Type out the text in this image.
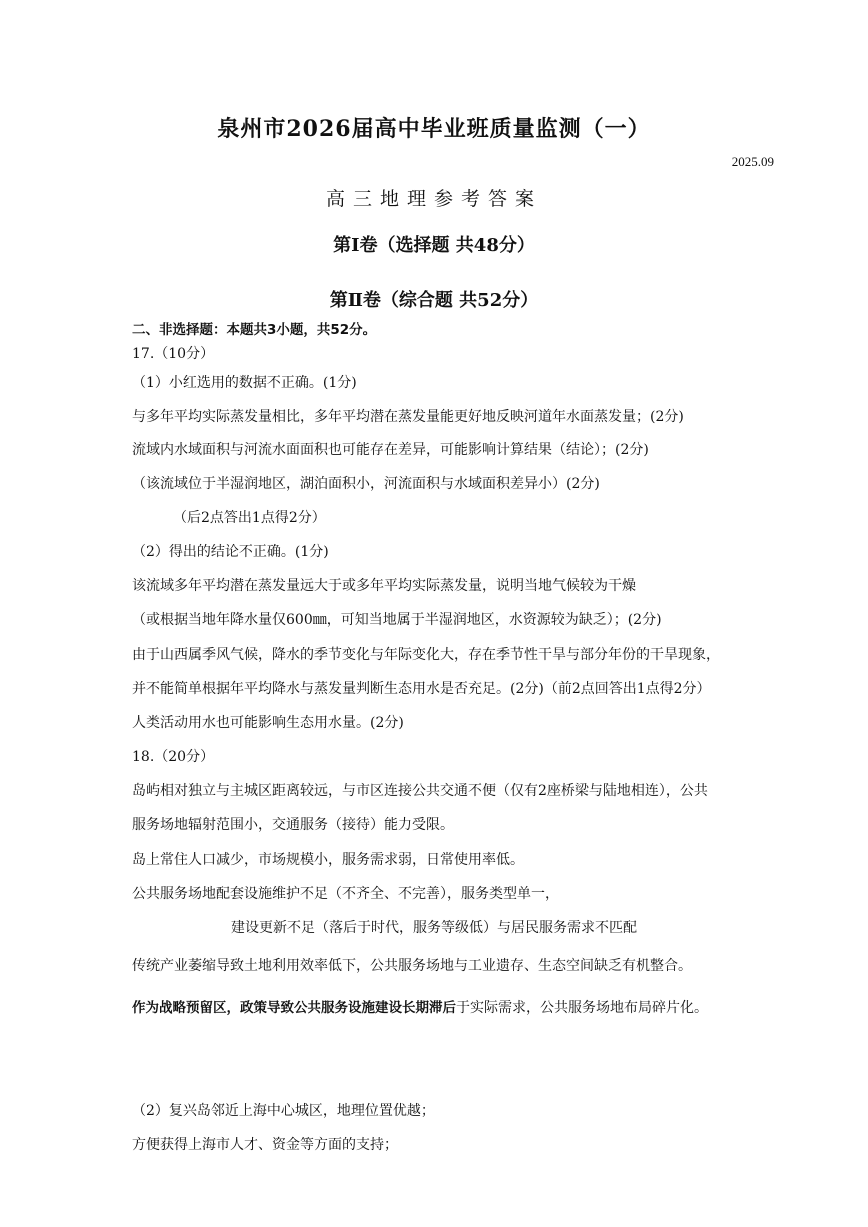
泉州市2026届高中毕业班质量监测（一）
2025.09
高三地理参考答案
第Ⅰ卷（选择题 共48分）
第Ⅱ卷（综合题 共52分）
二、非选择题：本题共3小题，共52分。
17.（10分）
（1）小红选用的数据不正确。(1分)
与多年平均实际蒸发量相比，多年平均潜在蒸发量能更好地反映河道年水面蒸发量；(2分)
流域内水域面积与河流水面面积也可能存在差异，可能影响计算结果（结论）；(2分)
（该流域位于半湿润地区，湖泊面积小，河流面积与水域面积差异小）(2分)
（后2点答出1点得2分）
（2）得出的结论不正确。(1分)
该流域多年平均潜在蒸发量远大于或多年平均实际蒸发量，说明当地气候较为干燥
（或根据当地年降水量仅600㎜，可知当地属于半湿润地区，水资源较为缺乏）；(2分)
由于山西属季风气候，降水的季节变化与年际变化大，存在季节性干旱与部分年份的干旱现象，
并不能简单根据年平均降水与蒸发量判断生态用水是否充足。(2分)（前2点回答出1点得2分）
人类活动用水也可能影响生态用水量。(2分)
18.（20分）
岛屿相对独立与主城区距离较远，与市区连接公共交通不便（仅有2座桥梁与陆地相连），公共
服务场地辐射范围小，交通服务（接待）能力受限。
岛上常住人口减少，市场规模小，服务需求弱，日常使用率低。
公共服务场地配套设施维护不足（不齐全、不完善），服务类型单一，
建设更新不足（落后于时代，服务等级低）与居民服务需求不匹配
传统产业萎缩导致土地利用效率低下，公共服务场地与工业遗存、生态空间缺乏有机整合。
作为战略预留区，政策导致公共服务设施建设长期滞后于实际需求，公共服务场地布局碎片化。
（2）复兴岛邻近上海中心城区，地理位置优越；
方便获得上海市人才、资金等方面的支持；
